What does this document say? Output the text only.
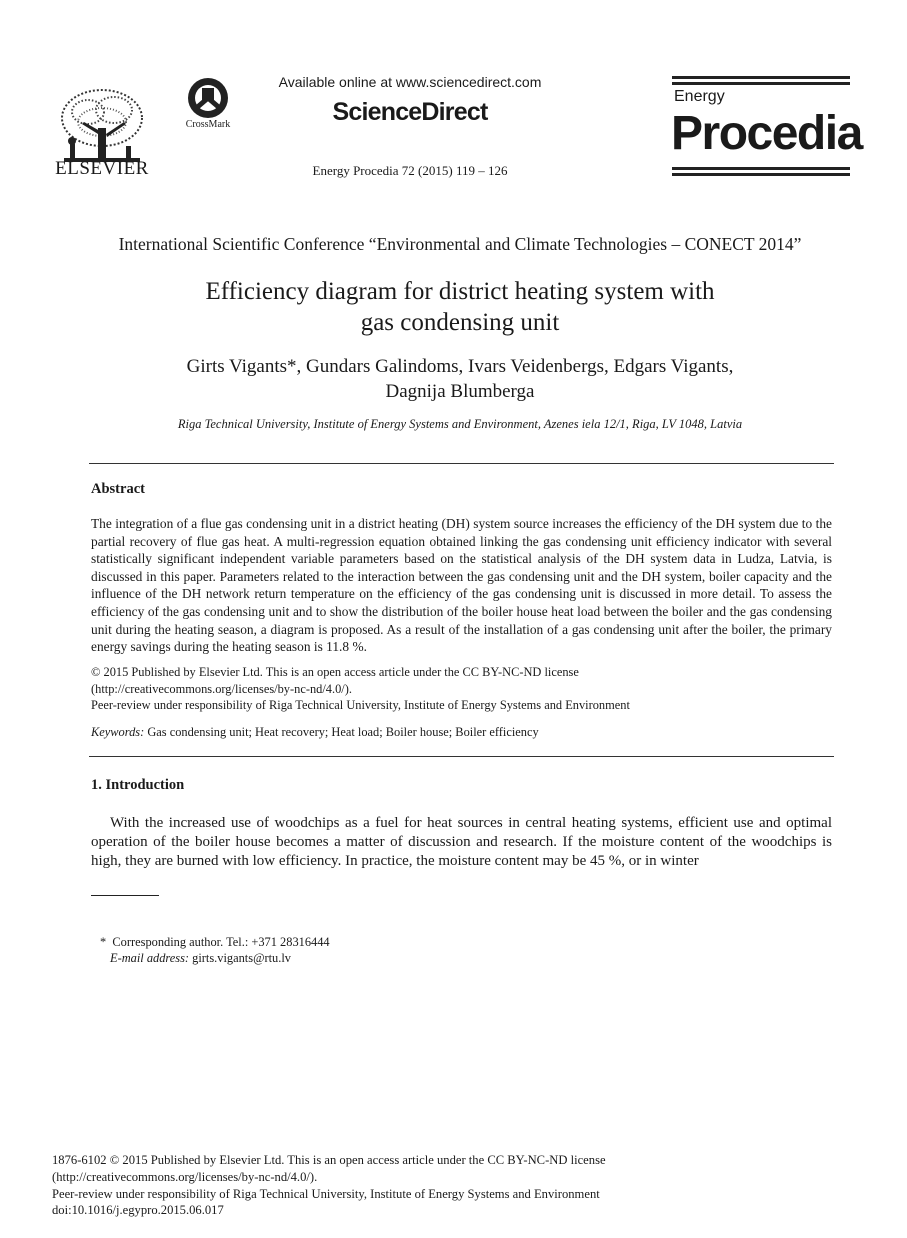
ELSEVIER
CrossMark
Available online at www.sciencedirect.com
ScienceDirect
Energy Procedia 72 (2015) 119 – 126
Energy
Procedia
International Scientific Conference “Environmental and Climate Technologies – CONECT 2014”
Efficiency diagram for district heating system with
gas condensing unit
Girts Vigants*, Gundars Galindoms, Ivars Veidenbergs, Edgars Vigants,
Dagnija Blumberga
Riga Technical University, Institute of Energy Systems and Environment, Azenes iela 12/1, Riga, LV 1048, Latvia
Abstract
The integration of a flue gas condensing unit in a district heating (DH) system source increases the efficiency of the DH system due to the partial recovery of flue gas heat. A multi-regression equation obtained linking the gas condensing unit efficiency indicator with several statistically significant independent variable parameters based on the statistical analysis of the DH system data in Ludza, Latvia, is discussed in this paper. Parameters related to the interaction between the gas condensing unit and the DH system, boiler capacity and the influence of the DH network return temperature on the efficiency of the gas condensing unit is discussed in more detail. To assess the efficiency of the gas condensing unit and to show the distribution of the boiler house heat load between the boiler and the gas condensing unit during the heating season, a diagram is proposed. As a result of the installation of a gas condensing unit after the boiler, the primary energy savings during the heating season is 11.8 %.
© 2015 Published by Elsevier Ltd. This is an open access article under the CC BY-NC-ND license
(http://creativecommons.org/licenses/by-nc-nd/4.0/).
Peer-review under responsibility of Riga Technical University, Institute of Energy Systems and Environment
Keywords: Gas condensing unit; Heat recovery; Heat load; Boiler house; Boiler efficiency
1. Introduction
With the increased use of woodchips as a fuel for heat sources in central heating systems, efficient use and optimal operation of the boiler house becomes a matter of discussion and research. If the moisture content of the woodchips is high, they are burned with low efficiency. In practice, the moisture content may be 45 %, or in winter
* Corresponding author. Tel.: +371 28316444
E-mail address: girts.vigants@rtu.lv
1876-6102 © 2015 Published by Elsevier Ltd. This is an open access article under the CC BY-NC-ND license
(http://creativecommons.org/licenses/by-nc-nd/4.0/).
Peer-review under responsibility of Riga Technical University, Institute of Energy Systems and Environment
doi:10.1016/j.egypro.2015.06.017
